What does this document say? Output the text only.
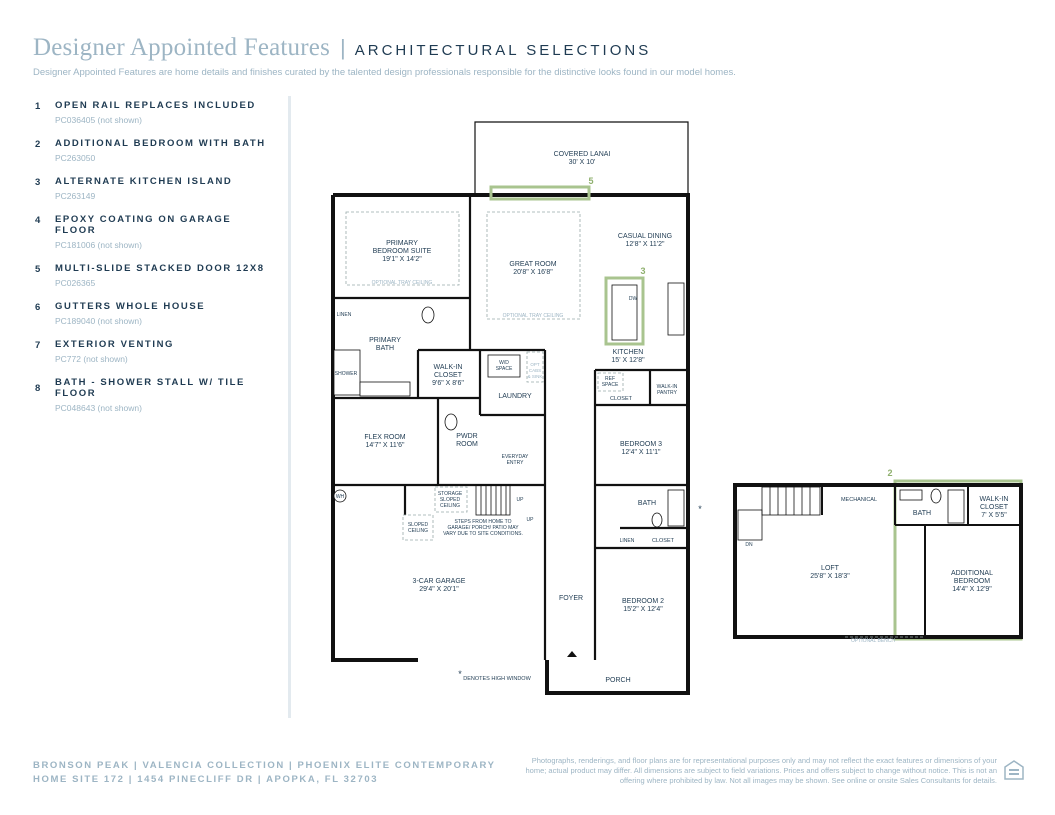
Designer Appointed Features | ARCHITECTURAL SELECTIONS
Designer Appointed Features are home details and finishes curated by the talented design professionals responsible for the distinctive looks found in our model homes.
1	OPEN RAIL REPLACES INCLUDED
PC036405 (not shown)
2	ADDITIONAL BEDROOM WITH BATH
PC263050
3	ALTERNATE KITCHEN ISLAND
PC263149
4	EPOXY COATING ON GARAGE FLOOR
PC181006 (not shown)
5	MULTI-SLIDE STACKED DOOR 12X8
PC026365
6	GUTTERS WHOLE HOUSE
PC189040 (not shown)
7	EXTERIOR VENTING
PC772 (not shown)
8
BATH - SHOWER STALL W/ TILE FLOOR
PC048643 (not shown)
COVERED LANAI
30' X 10'
PRIMARY
BEDROOM SUITE
19'1" X 14'2"
OPTIONAL TRAY CEILING
GREAT ROOM
20'8" X 16'8"
OPTIONAL TRAY CEILING
CASUAL DINING
12'8" X 11'2"
LINEN
PRIMARY
BATH
SHOWER
WALK-IN
CLOSET
9'6" X 8'6"
W/D
SPACE
OPT
CABS
& SINK
LAUNDRY
DW
KITCHEN
15' X 12'8"
REF
SPACE	WALK-IN
PANTRY
CLOSET
FLEX ROOM
14'7" X 11'6"
PWDR
ROOM
EVERYDAY
ENTRY
BEDROOM 3
12'4" X 11'1"
WH	STORAGE
SLOPED
CEILING
UP
UP
SLOPED
CEILING
STEPS FROM HOME TO
GARAGE/ PORCH/ PATIO MAY
VARY DUE TO SITE CONDITIONS.
BATH
LINEN	CLOSET
3-CAR GARAGE
29'4" X 20'1"
FOYER	BEDROOM 2
15'2" X 12'4"
PORCH
DENOTES HIGH WINDOW
*
*
5
3
2
MECHANICAL
BATH
WALK-IN
CLOSET
7' X 5'5"
DN
LOFT
25'8" X 18'3"	ADDITIONAL
BEDROOM
14'4" X 12'9"
OPTIONAL BENCH
BRONSON PEAK | VALENCIA COLLECTION | PHOENIX ELITE CONTEMPORARY
HOME SITE 172 | 1454 PINECLIFF DR | APOPKA, FL 32703
Photographs, renderings, and floor plans are for representational purposes only and may not reflect the exact features or dimensions of your home; actual product may differ. All dimensions are subject to field variations. Prices and offers subject to change without notice. This is not an offering where prohibited by law. Not all images may be shown. See online or onsite Sales Consultants for details.
